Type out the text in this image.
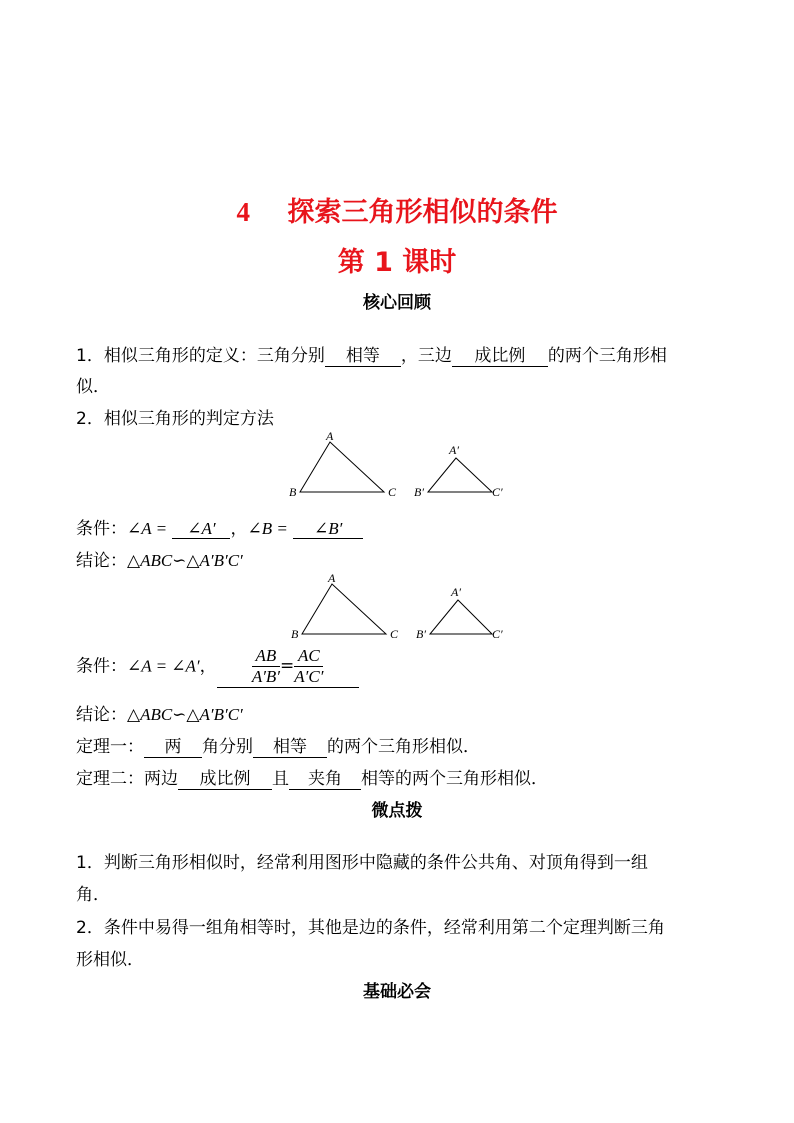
4 探索三角形相似的条件
第 1 课时
核心回顾
1．相似三角形的定义：三角分别 相等 ，三边 成比例 的两个三角形相
似．
2．相似三角形的判定方法
A
B	C
A′
B′	C′
条件：∠A = ∠A′ ，∠B = ∠B′
结论：△ABC∽△A′B′C′
A
B	C
A′
B′	C′
条件：∠A = ∠A′， $\frac{AB}{A'B'} = \frac{AC}{A'C'}$
结论：△ABC∽△A′B′C′
定理一： 两 角分别 相等 的两个三角形相似．
定理二：两边 成比例 且 夹角 相等的两个三角形相似．
微点拨
1．判断三角形相似时，经常利用图形中隐藏的条件公共角、对顶角得到一组
角．
2．条件中易得一组角相等时，其他是边的条件，经常利用第二个定理判断三角
形相似．
基础必会
